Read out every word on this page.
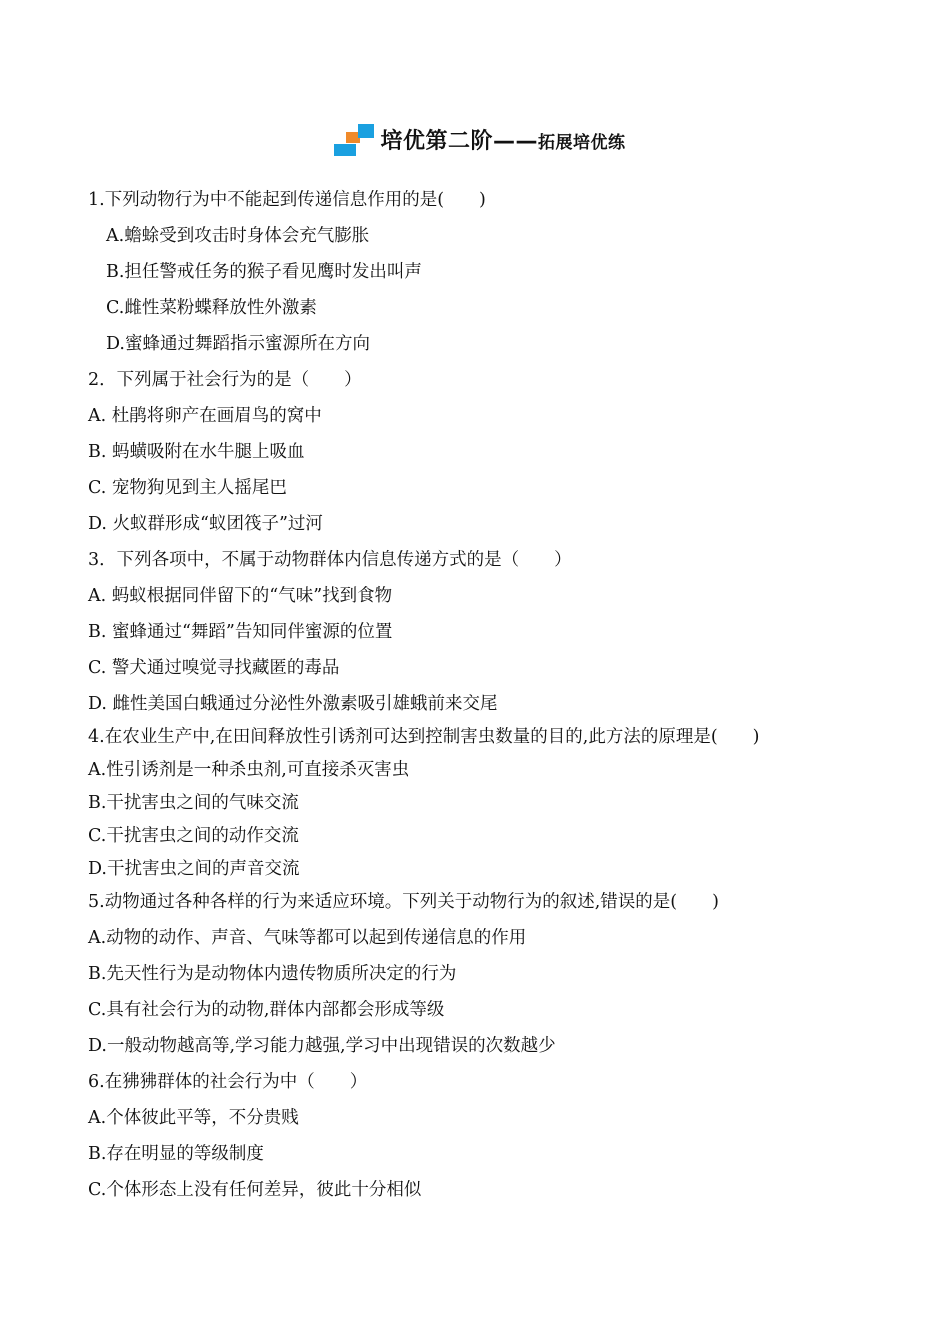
培优第二阶——拓展培优练
1.下列动物行为中不能起到传递信息作用的是(　　)
A.蟾蜍受到攻击时身体会充气膨胀
B.担任警戒任务的猴子看见鹰时发出叫声
C.雌性菜粉蝶释放性外激素
D.蜜蜂通过舞蹈指示蜜源所在方向
2．下列属于社会行为的是（　　）
A. 杜鹃将卵产在画眉鸟的窝中
B. 蚂蟥吸附在水牛腿上吸血
C. 宠物狗见到主人摇尾巴
D. 火蚁群形成“蚁团筏子”过河
3．下列各项中，不属于动物群体内信息传递方式的是（　　）
A. 蚂蚁根据同伴留下的“气味”找到食物
B. 蜜蜂通过“舞蹈”告知同伴蜜源的位置
C. 警犬通过嗅觉寻找藏匿的毒品
D. 雌性美国白蛾通过分泌性外激素吸引雄蛾前来交尾
4.在农业生产中,在田间释放性引诱剂可达到控制害虫数量的目的,此方法的原理是(　　)
A.性引诱剂是一种杀虫剂,可直接杀灭害虫
B.干扰害虫之间的气味交流
C.干扰害虫之间的动作交流
D.干扰害虫之间的声音交流
5.动物通过各种各样的行为来适应环境。下列关于动物行为的叙述,错误的是(　　)
A.动物的动作、声音、气味等都可以起到传递信息的作用
B.先天性行为是动物体内遗传物质所决定的行为
C.具有社会行为的动物,群体内部都会形成等级
D.一般动物越高等,学习能力越强,学习中出现错误的次数越少
6.在狒狒群体的社会行为中（　　）
A.个体彼此平等，不分贵贱
B.存在明显的等级制度
C.个体形态上没有任何差异，彼此十分相似
